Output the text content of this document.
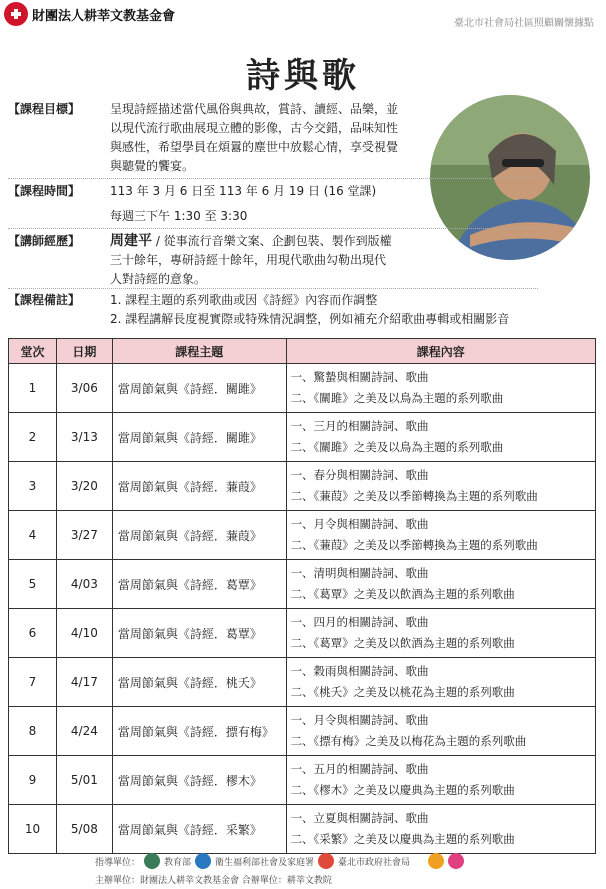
財團法人耕莘文教基金會	臺北市社會局社區照顧關懷據點
詩與歌
【課程目標】	呈現詩經描述當代風俗與典故，賞詩、讀經、品樂，並
以現代流行歌曲展現立體的影像，古今交錯，品味知性
與感性，希望學員在煩囂的塵世中放鬆心情，享受視覺
與聽覺的饗宴。
【課程時間】	113 年 3 月 6 日至 113 年 6 月 19 日 (16 堂課)
每週三下午 1:30 至 3:30
【講師經歷】	周建平 / 從事流行音樂文案、企劃包裝、製作到版權
三十餘年，專研詩經十餘年，用現代歌曲勾勒出現代
人對詩經的意象。
【課程備註】	1. 課程主題的系列歌曲或因《詩經》內容而作調整
2. 課程講解長度視實際或特殊情況調整，例如補充介紹歌曲專輯或相關影音
堂次	日期	課程主題	課程內容
1	3/06	當周節氣與《詩經．關雎》	一、驚蟄與相關詩詞、歌曲
二、《關雎》之美及以鳥為主題的系列歌曲

2	3/13	當周節氣與《詩經．關雎》	一、三月的相關詩詞、歌曲
二、《關雎》之美及以鳥為主題的系列歌曲

3	3/20	當周節氣與《詩經．蒹葭》	一、春分與相關詩詞、歌曲
二、《蒹葭》之美及以季節轉換為主題的系列歌曲

4	3/27	當周節氣與《詩經．蒹葭》	一、月令與相關詩詞、歌曲
二、《蒹葭》之美及以季節轉換為主題的系列歌曲

5	4/03	當周節氣與《詩經．葛覃》	一、清明與相關詩詞、歌曲
二、《葛覃》之美及以飲酒為主題的系列歌曲

6	4/10	當周節氣與《詩經．葛覃》	一、四月的相關詩詞、歌曲
二、《葛覃》之美及以飲酒為主題的系列歌曲

7	4/17	當周節氣與《詩經．桃夭》	一、穀雨與相關詩詞、歌曲
二、《桃夭》之美及以桃花為主題的系列歌曲

8	4/24	當周節氣與《詩經．摽有梅》	一、月令與相關詩詞、歌曲
二、《摽有梅》之美及以梅花為主題的系列歌曲

9	5/01	當周節氣與《詩經．樛木》	一、五月的相關詩詞、歌曲
二、《樛木》之美及以慶典為主題的系列歌曲

10	5/08	當周節氣與《詩經．采繁》	一、立夏與相關詩詞、歌曲
二、《采繁》之美及以慶典為主題的系列歌曲
指導單位：	教育部	衛生福利部社會及家庭署	臺北市政府社會局
主辦單位：財團法人耕莘文教基金會 合辦單位：耕莘文教院
